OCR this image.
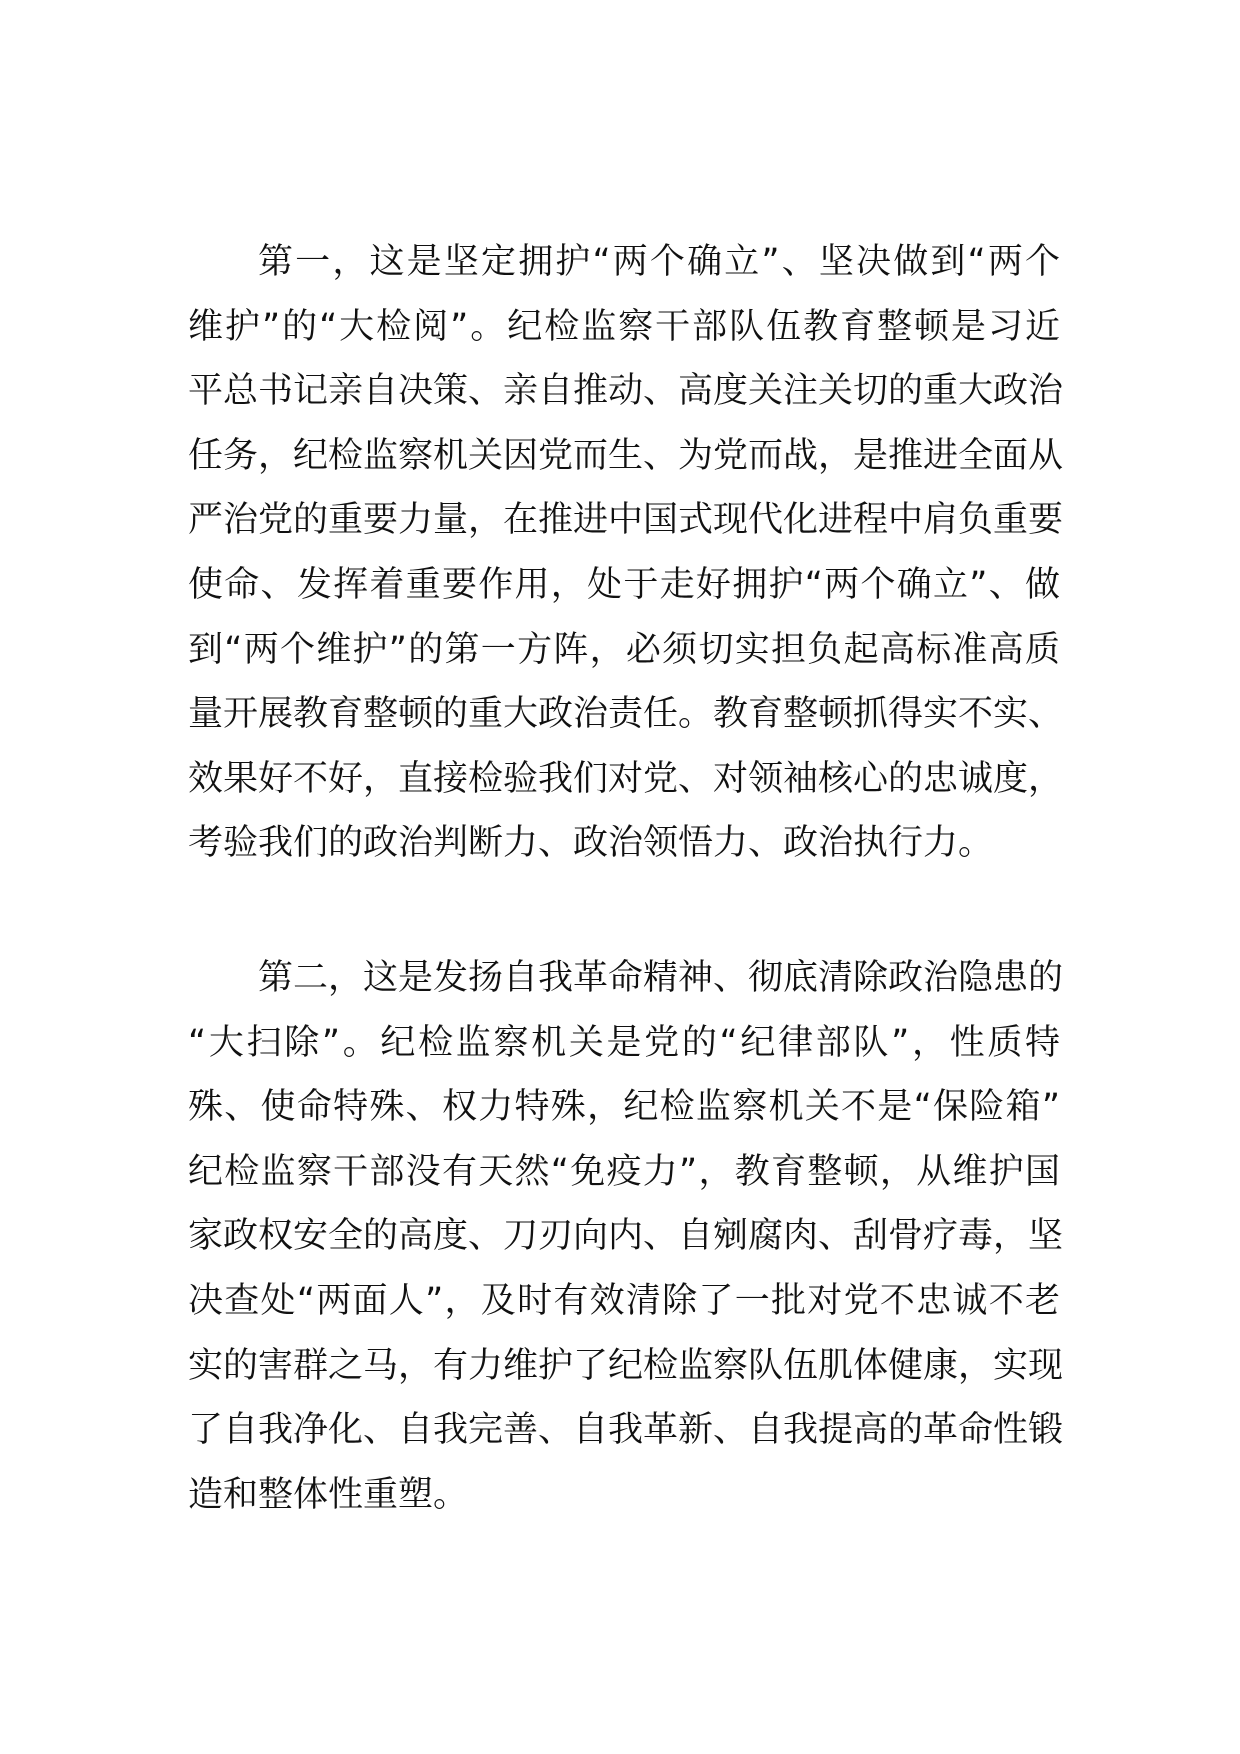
第一，这是坚定拥护“两个确立”、坚决做到“两个
维护”的“大检阅”。纪检监察干部队伍教育整顿是习近
平总书记亲自决策、亲自推动、高度关注关切的重大政治
任务，纪检监察机关因党而生、为党而战，是推进全面从
严治党的重要力量，在推进中国式现代化进程中肩负重要
使命、发挥着重要作用，处于走好拥护“两个确立”、做
到“两个维护”的第一方阵，必须切实担负起高标准高质
量开展教育整顿的重大政治责任。教育整顿抓得实不实、
效果好不好，直接检验我们对党、对领袖核心的忠诚度，
考验我们的政治判断力、政治领悟力、政治执行力。
第二，这是发扬自我革命精神、彻底清除政治隐患的
“大扫除”。纪检监察机关是党的“纪律部队”，性质特
殊、使命特殊、权力特殊，纪检监察机关不是“保险箱”
纪检监察干部没有天然“免疫力”，教育整顿，从维护国
家政权安全的高度、刀刃向内、自剜腐肉、刮骨疗毒，坚
决查处“两面人”，及时有效清除了一批对党不忠诚不老
实的害群之马，有力维护了纪检监察队伍肌体健康，实现
了自我净化、自我完善、自我革新、自我提高的革命性锻
造和整体性重塑。
